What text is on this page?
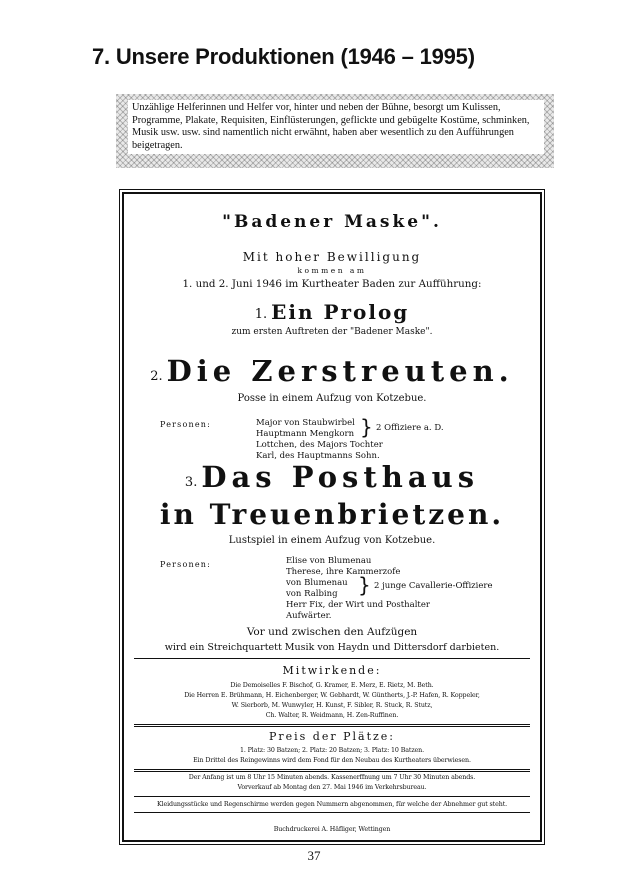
7. Unsere Produktionen (1946 – 1995)

Unzählige Helferinnen und Helfer vor, hinter und neben der Bühne, besorgt um Kulissen, Programme, Plakate, Requisiten, Einflüsterungen, geflickte und gebügelte Kostüme, schminken, Musik usw. usw. sind namentlich nicht erwähnt, haben aber wesentlich zu den Aufführungen beigetragen.

"Badener Maske".
Mit hoher Bewilligung
kommen am
1. und 2. Juni 1946 im Kurtheater Baden zur Aufführung:
1. Ein Prolog
zum ersten Auftreten der "Badener Maske".
2. Die Zerstreuten.
Posse in einem Aufzug von Kotzebue.
Personen:	Major von Staubwirbel
Hauptmann Mengkorn
Lottchen, des Majors Tochter
Karl, des Hauptmanns Sohn.
} 2 Offiziere a. D.
3. Das Posthaus
in Treuenbrietzen.
Lustspiel in einem Aufzug von Kotzebue.
Personen:	Elise von Blumenau
Therese, ihre Kammerzofe
von Blumenau
von Ralbing
Herr Fix, der Wirt und Posthalter
Aufwärter.
} 2 junge Cavallerie-Offiziere
Vor und zwischen den Aufzügen
wird ein Streichquartett Musik von Haydn und Dittersdorf darbieten.
Mitwirkende:
Die Demoiselles F. Bischof, G. Kramer, E. Merz, E. Rietz, M. Beth.
Die Herren E. Brühmann, H. Eichenberger, W. Gebhardt, W. Güntherts, J.-P. Hafen, R. Koppeler,
W. Sierborb, M. Wunwyler, H. Kunst, F. Sibler, R. Stuck, R. Stutz,
Ch. Walter, R. Weidmann, H. Zen-Ruffinen.
Preis der Plätze:
1. Platz: 30 Batzen; 2. Platz: 20 Batzen; 3. Platz: 10 Batzen.
Ein Drittel des Reingewinns wird dem Fond für den Neubau des Kurtheaters überwiesen.
Der Anfang ist um 8 Uhr 15 Minuten abends. Kassenerffnung um 7 Uhr 30 Minuten abends.
Vorverkauf ab Montag den 27. Mai 1946 im Verkehrsbureau.
Kleidungsstücke und Regenschirme werden gegen Nummern abgenommen, für welche der Abnehmer gut steht.
Buchdruckerei A. Häfliger, Wettingen
37
